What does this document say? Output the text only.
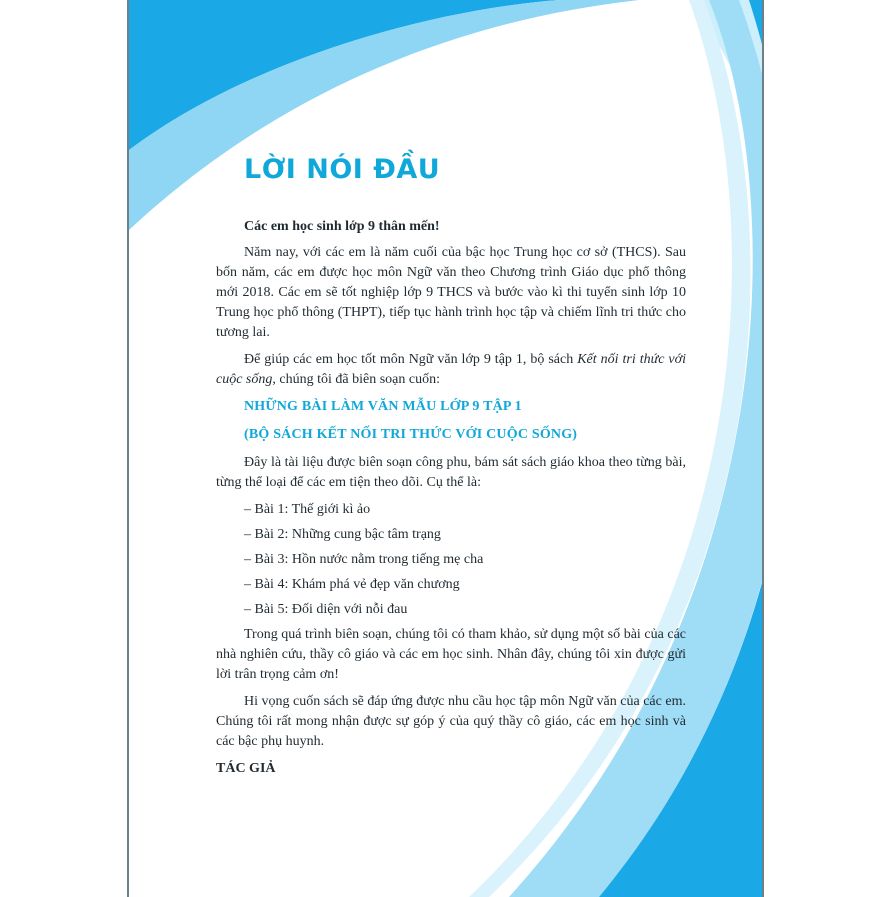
LỜI NÓI ĐẦU

Các em học sinh lớp 9 thân mến!

Năm nay, với các em là năm cuối của bậc học Trung học cơ sở (THCS). Sau bốn năm, các em được học môn Ngữ văn theo Chương trình Giáo dục phổ thông mới 2018. Các em sẽ tốt nghiệp lớp 9 THCS và bước vào kì thi tuyển sinh lớp 10 Trung học phổ thông (THPT), tiếp tục hành trình học tập và chiếm lĩnh tri thức cho tương lai.

Để giúp các em học tốt môn Ngữ văn lớp 9 tập 1, bộ sách Kết nối tri thức với cuộc sống, chúng tôi đã biên soạn cuốn:

NHỮNG BÀI LÀM VĂN MẪU LỚP 9 TẬP 1
(BỘ SÁCH KẾT NỐI TRI THỨC VỚI CUỘC SỐNG)

Đây là tài liệu được biên soạn công phu, bám sát sách giáo khoa theo từng bài, từng thể loại để các em tiện theo dõi. Cụ thể là:

– Bài 1: Thế giới kì ảo
– Bài 2: Những cung bậc tâm trạng
– Bài 3: Hồn nước nằm trong tiếng mẹ cha
– Bài 4: Khám phá vẻ đẹp văn chương
– Bài 5: Đối diện với nỗi đau

Trong quá trình biên soạn, chúng tôi có tham khảo, sử dụng một số bài của các nhà nghiên cứu, thầy cô giáo và các em học sinh. Nhân đây, chúng tôi xin được gửi lời trân trọng cảm ơn!

Hi vọng cuốn sách sẽ đáp ứng được nhu cầu học tập môn Ngữ văn của các em. Chúng tôi rất mong nhận được sự góp ý của quý thầy cô giáo, các em học sinh và các bậc phụ huynh.

TÁC GIẢ
